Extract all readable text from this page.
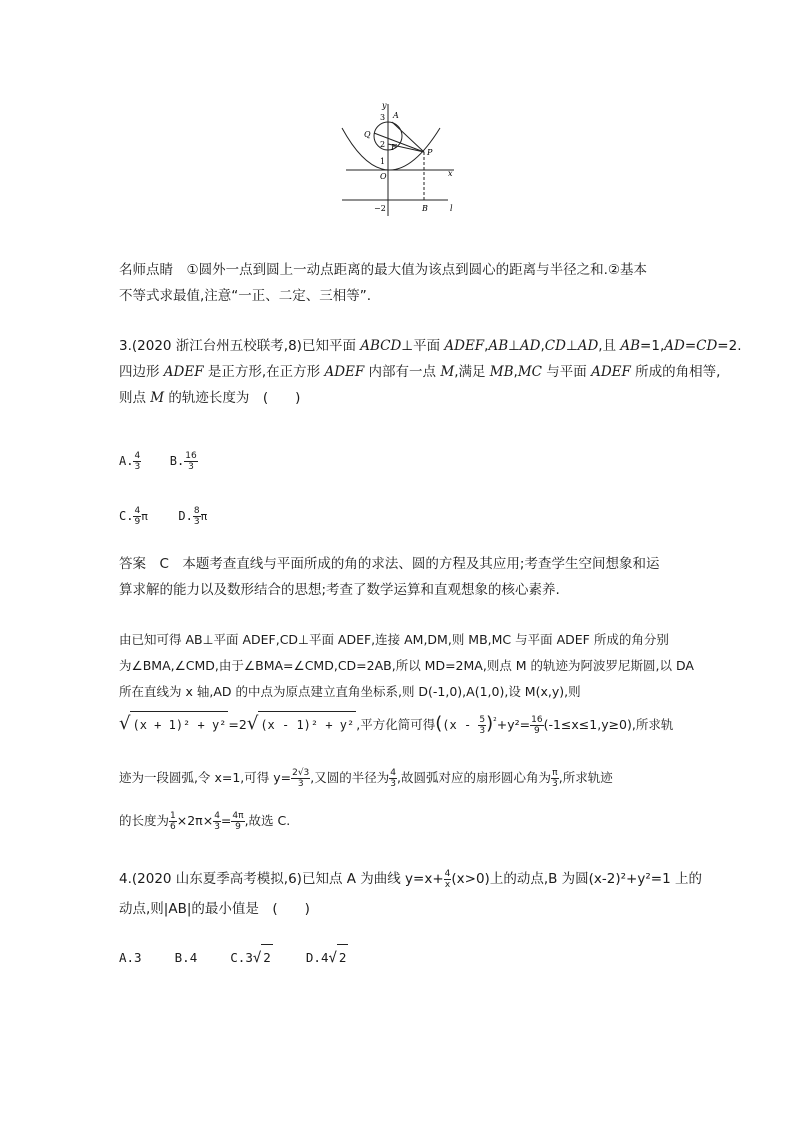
y
x
3
2
1
O
−2
A
Q
F
P
B	l
名师点睛　 ①圆外一点到圆上一动点距离的最大值为该点到圆心的距离与半径之和.②基本
不等式求最值,注意“一正、二定、三相等”.
3.(2020 浙江台州五校联考,8)已知平面 ABCD⊥平面 ADEF,AB⊥AD,CD⊥AD,且 AB=1,AD=CD=2.
四边形 ADEF 是正方形,在正方形 ADEF 内部有一点 M,满足 MB,MC 与平面 ADEF 所成的角相等,
则点 M 的轨迹长度为　(　　)
A. $\frac{4}{3} B$. $\frac{16}{3}$
C. $\frac{4}{9}$ π	D. $\frac{8}{3}$ π
答案　C　本题考查直线与平面所成的角的求法、圆的方程及其应用;考查学生空间想象和运
算求解的能力以及数形结合的思想;考查了数学运算和直观想象的核心素养.
由已知可得 AB⊥平面 ADEF,CD⊥平面 ADEF,连接 AM,DM,则 MB,MC 与平面 ADEF 所成的角分别
为∠BMA,∠CMD,由于∠BMA=∠CMD,CD=2AB,所以 MD=2MA,则点 M 的轨迹为阿波罗尼斯圆,以 DA
所在直线为 x 轴,AD 的中点为原点建立直角坐标系,则 D(-1,0),A(1,0),设 M(x,y),则
√ (x + 1)² + y² =2√ (x - 1)² + y² ,平方化简可得($(x - \frac{5}{3} )^{^2}+y^2= \frac{16}{9} (-1\le x\le 1,y\ge 0)$,所求轨
迹为一段圆弧,令 x=1,可得 $y= \frac{2√3}{3}$ ,又圆的半径为 $\frac{4}{3}$ ,故圆弧对应的扇形圆心角为 $\frac{\pi}{3}$ ,所求轨迹
的长度为 $\frac{1}{6} \times 2\pi\times \frac{4}{3} = \frac{4\pi}{9}$ ,故选 C.
4.(2020 山东夏季高考模拟,6)已知点 A 为曲线 $y=x+ \frac{4}{x} (x>0)$上的动点,B 为圆(x-2)²+y²=1 上的
动点,则|AB|的最小值是　(　　)
A.3	B.4	C.3√ 2	D.4√ 2
